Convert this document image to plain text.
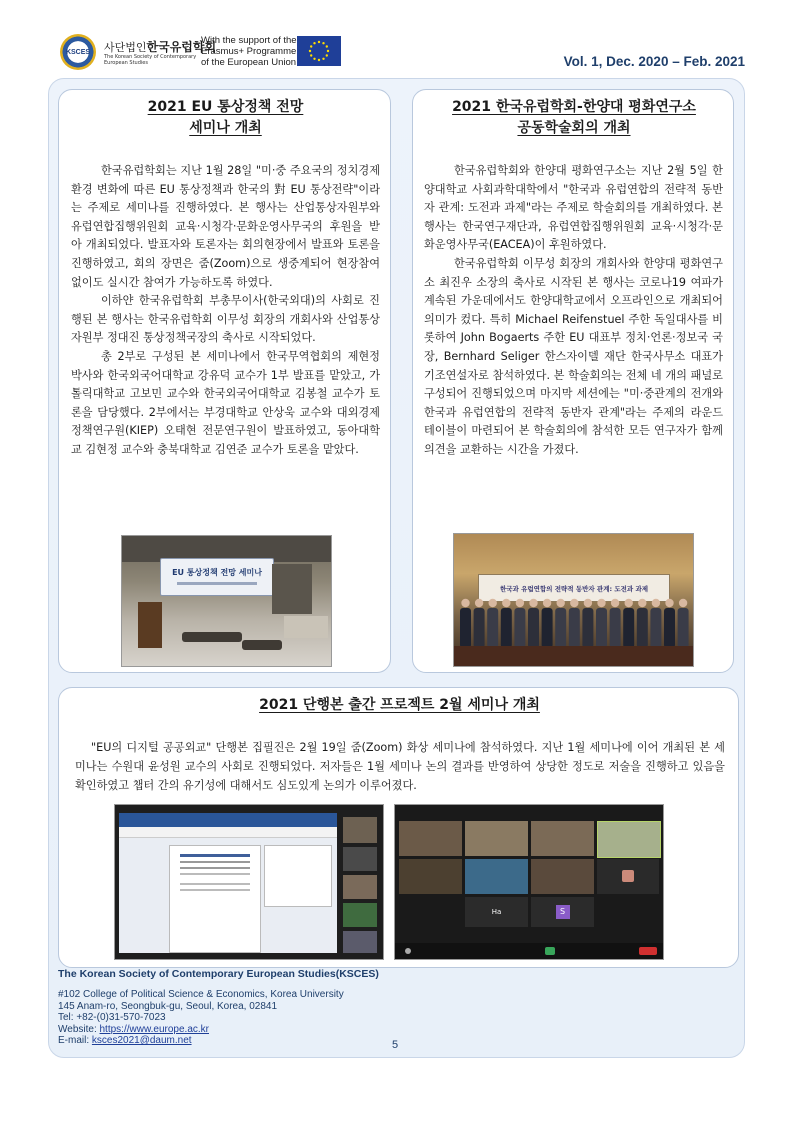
KSCES 사단법인한국유럽학회
The Korean Society of Contemporary European Studies
With the support of the Erasmus+ Programme of the European Union	Vol. 1, Dec. 2020 – Feb. 2021
2021 EU 통상정책 전망
세미나 개최

한국유럽학회는 지난 1월 28일 "미·중 주요국의 정치경제환경 변화에 따른 EU 통상정책과 한국의 對 EU 통상전략"이라는 주제로 세미나를 진행하였다. 본 행사는 산업통상자원부와 유럽연합집행위원회 교육·시청각·문화운영사무국의 후원을 받아 개최되었다. 발표자와 토론자는 회의현장에서 발표와 토론을 진행하였고, 회의 장면은 줌(Zoom)으로 생중계되어 현장참여 없이도 실시간 참여가 가능하도록 하였다.

이하얀 한국유럽학회 부총무이사(한국외대)의 사회로 진행된 본 행사는 한국유럽학회 이무성 회장의 개회사와 산업통상자원부 정대진 통상정책국장의 축사로 시작되었다.

총 2부로 구성된 본 세미나에서 한국무역협회의 제현정 박사와 한국외국어대학교 강유덕 교수가 1부 발표를 맡았고, 가톨릭대학교 고보민 교수와 한국외국어대학교 김봉철 교수가 토론을 담당했다. 2부에서는 부경대학교 안상욱 교수와 대외경제정책연구원(KIEP) 오태현 전문연구원이 발표하였고, 동아대학교 김현정 교수와 충북대학교 김연준 교수가 토론을 맡았다.

EU 통상정책 전망 세미나
2021 한국유럽학회-한양대 평화연구소
공동학술회의 개최

한국유럽학회와 한양대 평화연구소는 지난 2월 5일 한양대학교 사회과학대학에서 "한국과 유럽연합의 전략적 동반자 관계: 도전과 과제"라는 주제로 학술회의를 개최하였다. 본 행사는 한국연구재단과, 유럽연합집행위원회 교육·시청각·문화운영사무국(EACEA)이 후원하였다.

한국유럽학회 이무성 회장의 개회사와 한양대 평화연구소 최진우 소장의 축사로 시작된 본 행사는 코로나19 여파가 계속된 가운데에서도 한양대학교에서 오프라인으로 개최되어 의미가 컸다. 특히 Michael Reifenstuel 주한 독일대사를 비롯하여 John Bogaerts 주한 EU 대표부 정치·언론·정보국 국장, Bernhard Seliger 한스자이델 재단 한국사무소 대표가 기조연설자로 참석하였다. 본 학술회의는 전체 네 개의 패널로 구성되어 진행되었으며 마지막 세션에는 "미·중관계의 전개와 한국과 유럽연합의 전략적 동반자 관계"라는 주제의 라운드 테이블이 마련되어 본 학술회의에 참석한 모든 연구자가 함께 의견을 교환하는 시간을 가졌다.

한국과 유럽연합의 전략적 동반자 관계: 도전과 과제
2021 단행본 출간 프로젝트 2월 세미나 개최

"EU의 디지털 공공외교" 단행본 집필진은 2월 19일 줌(Zoom) 화상 세미나에 참석하였다. 지난 1월 세미나에 이어 개최된 본 세미나는 수원대 윤성원 교수의 사회로 진행되었다. 저자들은 1월 세미나 논의 결과를 반영하여 상당한 정도로 저술을 진행하고 있음을 확인하였고 챕터 간의 유기성에 대해서도 심도있게 논의가 이루어졌다.

Ha	S
The Korean Society of Contemporary European Studies(KSCES)
#102 College of Political Science & Economics, Korea University
145 Anam-ro, Seongbuk-gu, Seoul, Korea, 02841
Tel: +82-(0)31-570-7023
Website: https://www.europe.ac.kr
E-mail: ksces2021@daum.net	5
